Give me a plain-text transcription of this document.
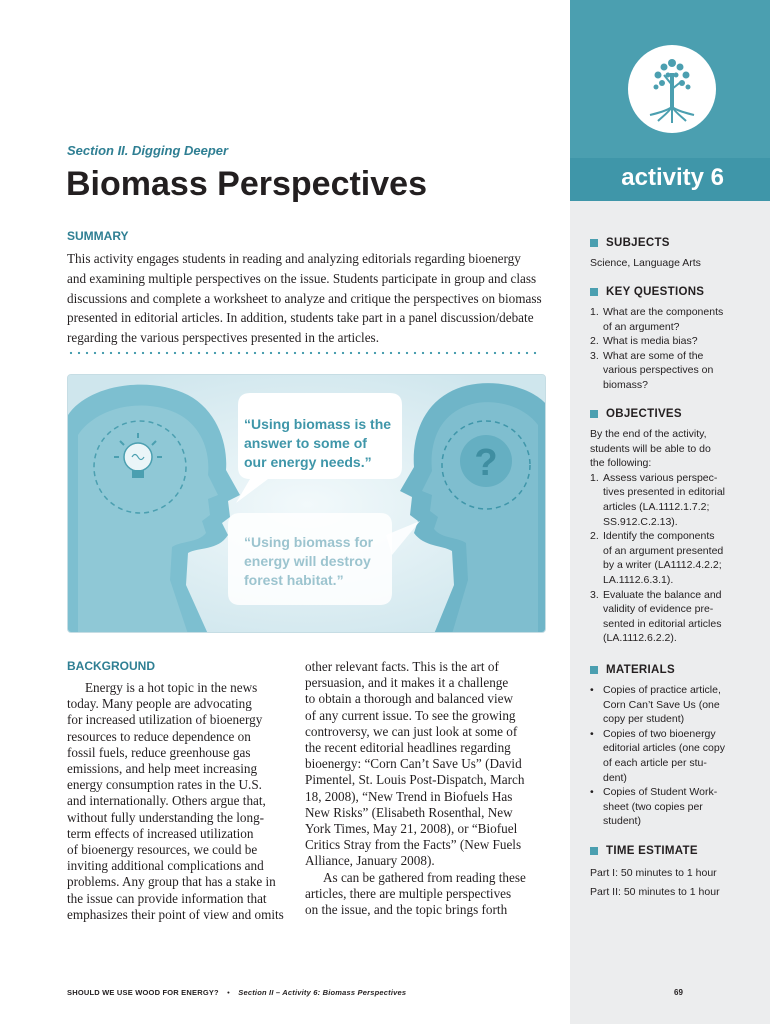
activity 6
SUBJECTS
Science, Language Arts
KEY QUESTIONS
1. What are the components
of an argument?
2. What is media bias?
3. What are some of the
various perspectives on
biomass?
OBJECTIVES
By the end of the activity,
students will be able to do
the following:
1. Assess various perspec-
tives presented in editorial
articles (LA.1112.1.7.2;
SS.912.C.2.13).
2. Identify the components
of an argument presented
by a writer (LA1112.4.2.2;
LA.1112.6.3.1).
3. Evaluate the balance and
validity of evidence pre-
sented in editorial articles
(LA.1112.6.2.2).
MATERIALS
• Copies of practice article,
Corn Can’t Save Us (one
copy per student)
• Copies of two bioenergy
editorial articles (one copy
of each article per stu-
dent)
• Copies of Student Work-
sheet (two copies per
student)
TIME ESTIMATE
Part I: 50 minutes to 1 hour
Part II: 50 minutes to 1 hour
Section II. Digging Deeper
Biomass Perspectives
SUMMARY
This activity engages students in reading and analyzing editorials regarding bioenergy
and examining multiple perspectives on the issue. Students participate in group and class
discussions and complete a worksheet to analyze and critique the perspectives on biomass
presented in editorial articles. In addition, students take part in a panel discussion/debate
regarding the various perspectives presented in the articles.
?
“Using biomass is the
answer to some of
our energy needs.”
“Using biomass for
energy will destroy
forest habitat.”
BACKGROUND
Energy is a hot topic in the news
today. Many people are advocating
for increased utilization of bioenergy
resources to reduce dependence on
fossil fuels, reduce greenhouse gas
emissions, and help meet increasing
energy consumption rates in the U.S.
and internationally. Others argue that,
without fully understanding the long-
term effects of increased utilization
of bioenergy resources, we could be
inviting additional complications and
problems. Any group that has a stake in
the issue can provide information that
emphasizes their point of view and omits
other relevant facts. This is the art of
persuasion, and it makes it a challenge
to obtain a thorough and balanced view
of any current issue. To see the growing
controversy, we can just look at some of
the recent editorial headlines regarding
bioenergy: “Corn Can’t Save Us” (David
Pimentel, St. Louis Post-Dispatch, March
18, 2008), “New Trend in Biofuels Has
New Risks” (Elisabeth Rosenthal, New
York Times, May 21, 2008), or “Biofuel
Critics Stray from the Facts” (New Fuels
Alliance, January 2008).
As can be gathered from reading these
articles, there are multiple perspectives
on the issue, and the topic brings forth
SHOULD WE USE WOOD FOR ENERGY? • Section II – Activity 6: Biomass Perspectives	69
